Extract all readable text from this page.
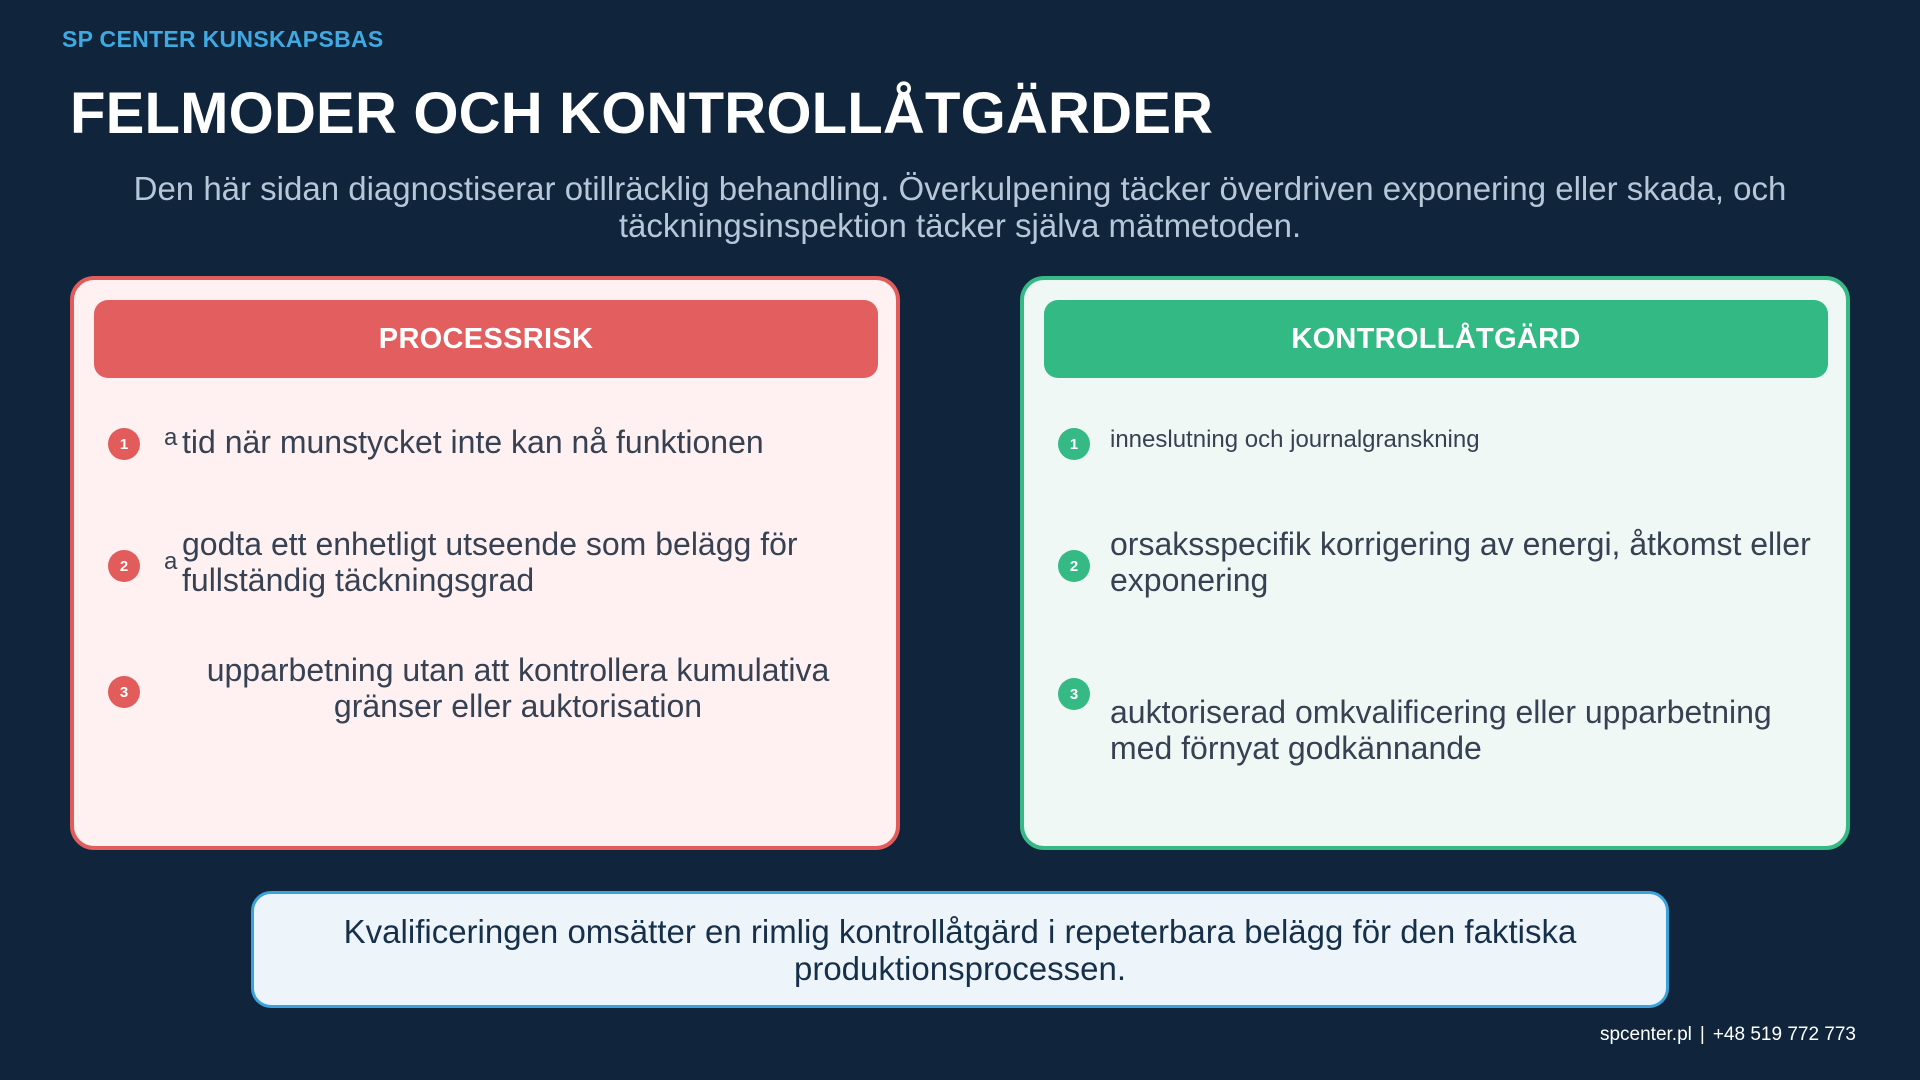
SP CENTER KUNSKAPSBAS
FELMODER OCH KONTROLLÅTGÄRDER
Den här sidan diagnostiserar otillräcklig behandling. Överkulpening täcker överdriven exponering eller skada, och täckningsinspektion täcker själva mätmetoden.
PROCESSRISK
1	a tid när munstycket inte kan nå funktionen
2	a godta ett enhetligt utseende som belägg för fullständig täckningsgrad
3
upparbetning utan att kontrollera kumulativa gränser eller auktorisation
KONTROLLÅTGÄRD
1	inneslutning och journalgranskning
2
orsaksspecifik korrigering av energi, åtkomst eller exponering
3 auktoriserad omkvalificering eller upparbetning med förnyat godkännande
Kvalificeringen omsätter en rimlig kontrollåtgärd i repeterbara belägg för den faktiska produktionsprocessen.
spcenter.pl | +48 519 772 773
